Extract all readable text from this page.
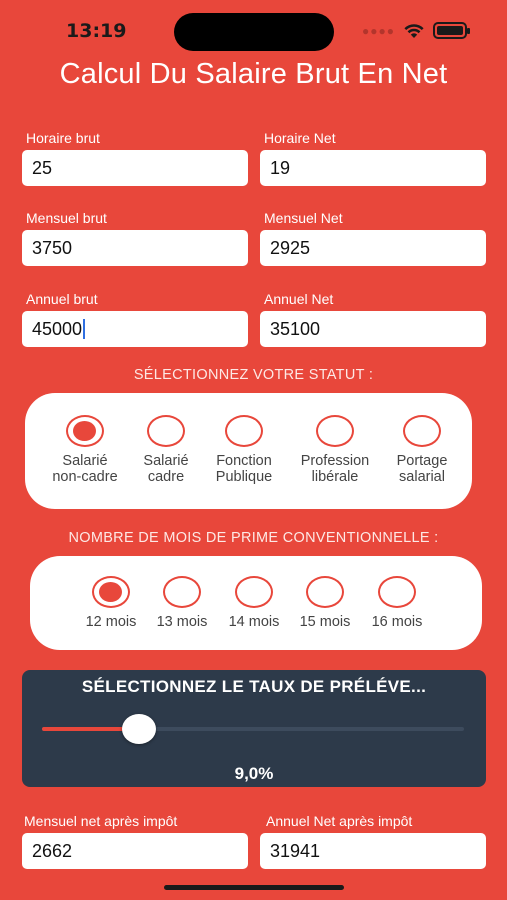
13:19	●●●●
Calcul Du Salaire Brut En Net
Horaire brut
25
Horaire Net
19
Mensuel brut
3750
Mensuel Net
2925
Annuel brut
45000
Annuel Net
35100
SÉLECTIONNEZ VOTRE STATUT :
Salarié
non-cadre
Salarié
cadre
Fonction
Publique
Profession
libérale
Portage
salarial
NOMBRE DE MOIS DE PRIME CONVENTIONNELLE :
12 mois	13 mois	14 mois	15 mois	16 mois
SÉLECTIONNEZ LE TAUX DE PRÉLÉVE...
9,0%
Mensuel net après impôt
2662
Annuel Net après impôt
31941
